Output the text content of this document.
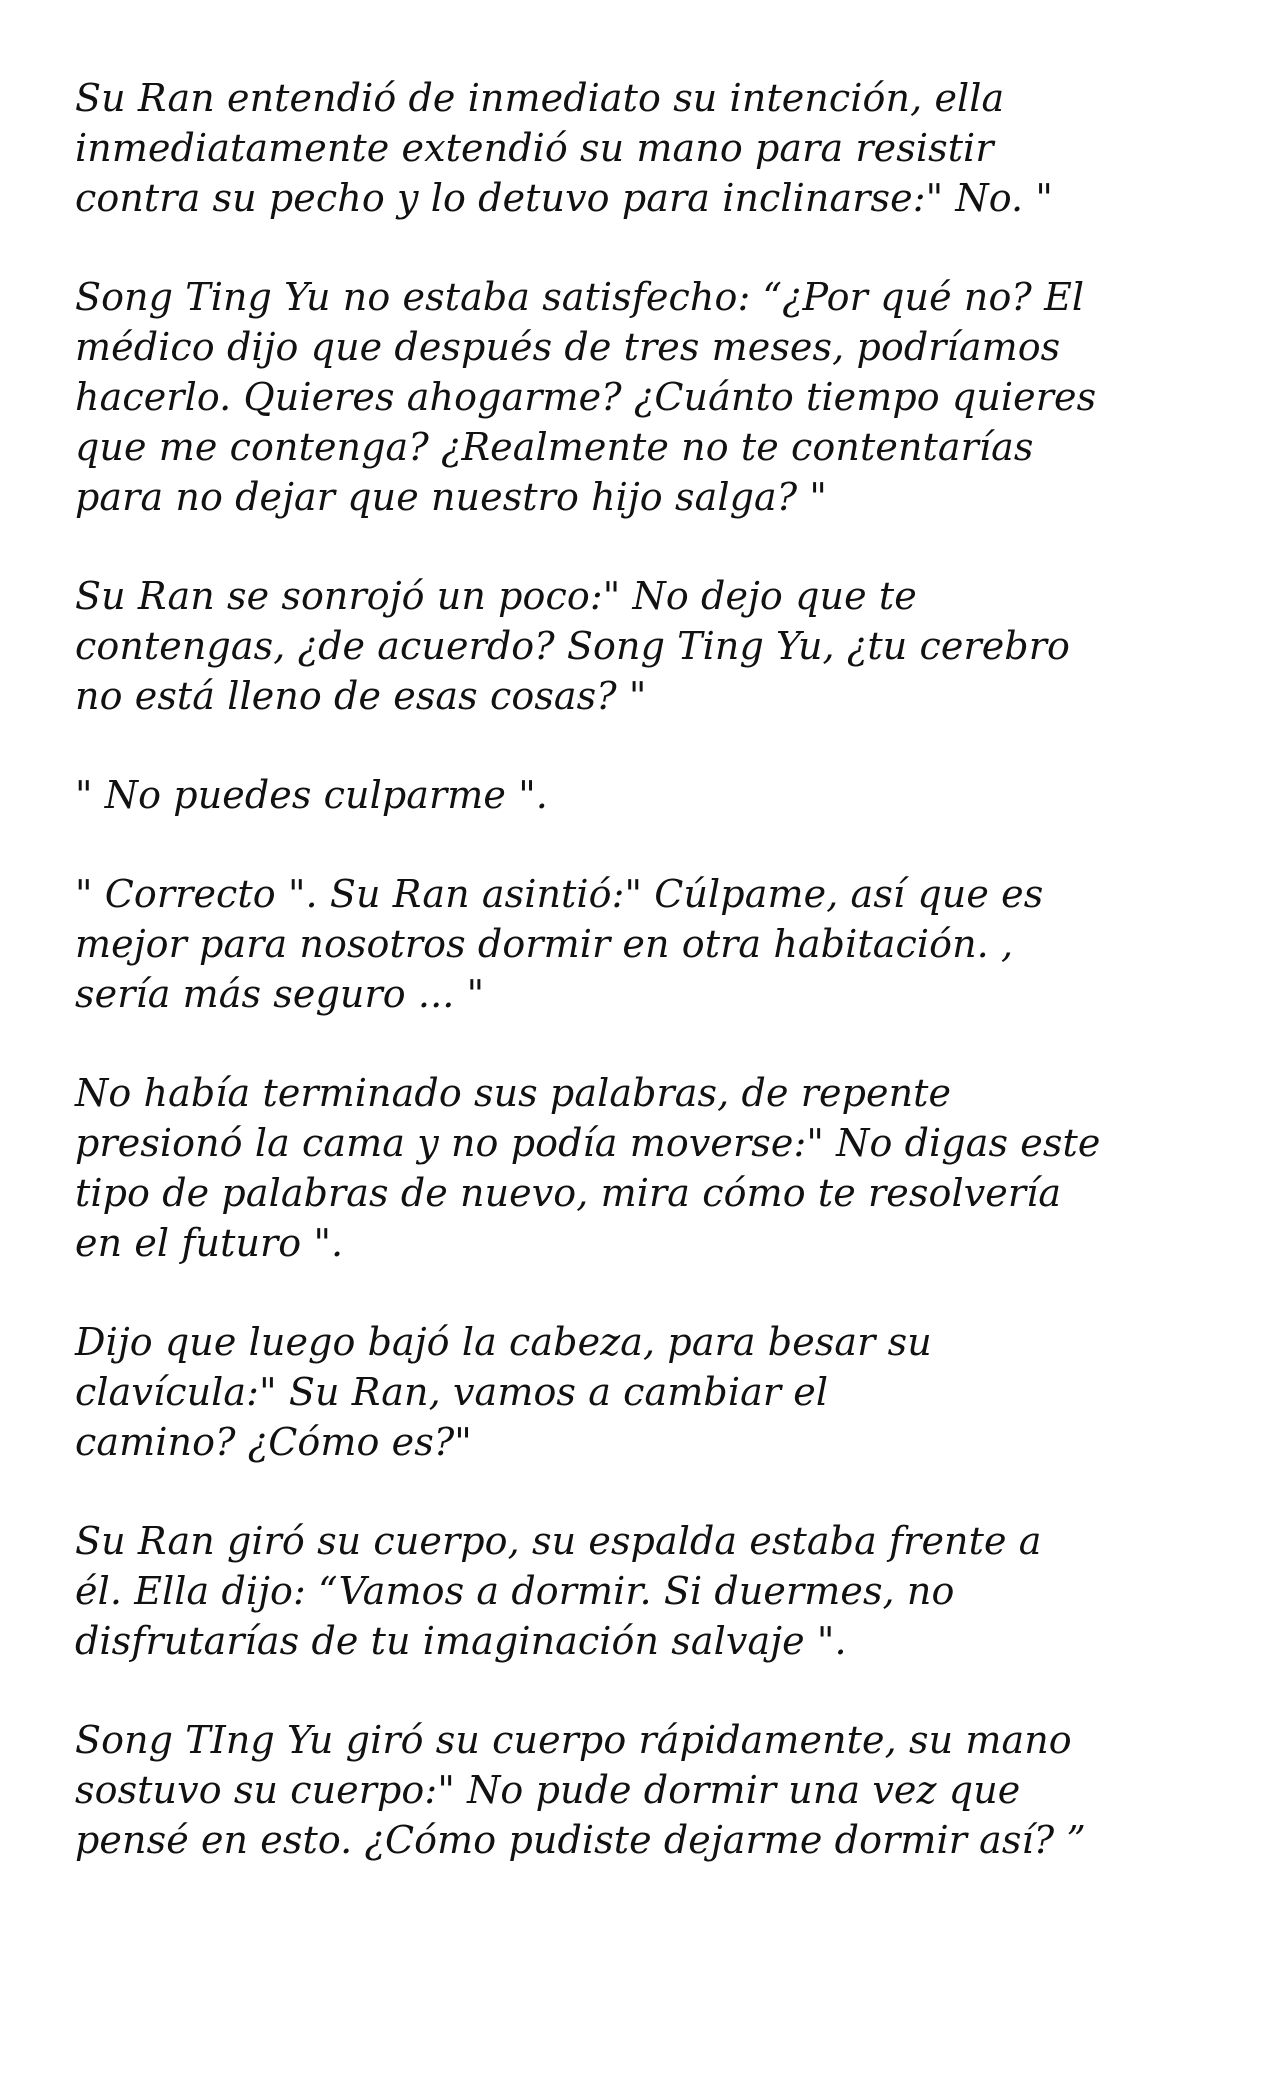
Su Ran entendió de inmediato su intención, ella
inmediatamente extendió su mano para resistir
contra su pecho y lo detuvo para inclinarse:" No. "

Song Ting Yu no estaba satisfecho: “¿Por qué no? El
médico dijo que después de tres meses, podríamos
hacerlo. Quieres ahogarme? ¿Cuánto tiempo quieres
que me contenga? ¿Realmente no te contentarías
para no dejar que nuestro hijo salga? "

Su Ran se sonrojó un poco:" No dejo que te
contengas, ¿de acuerdo? Song Ting Yu, ¿tu cerebro
no está lleno de esas cosas? "

" No puedes culparme ".

" Correcto ". Su Ran asintió:" Cúlpame, así que es
mejor para nosotros dormir en otra habitación. ,
sería más seguro ... "

No había terminado sus palabras, de repente
presionó la cama y no podía moverse:" No digas este
tipo de palabras de nuevo, mira cómo te resolvería
en el futuro ".

Dijo que luego bajó la cabeza, para besar su
clavícula:" Su Ran, vamos a cambiar el
camino? ¿Cómo es?"

Su Ran giró su cuerpo, su espalda estaba frente a
él. Ella dijo: “Vamos a dormir. Si duermes, no
disfrutarías de tu imaginación salvaje ".

Song TIng Yu giró su cuerpo rápidamente, su mano
sostuvo su cuerpo:" No pude dormir una vez que
pensé en esto. ¿Cómo pudiste dejarme dormir así? ”
